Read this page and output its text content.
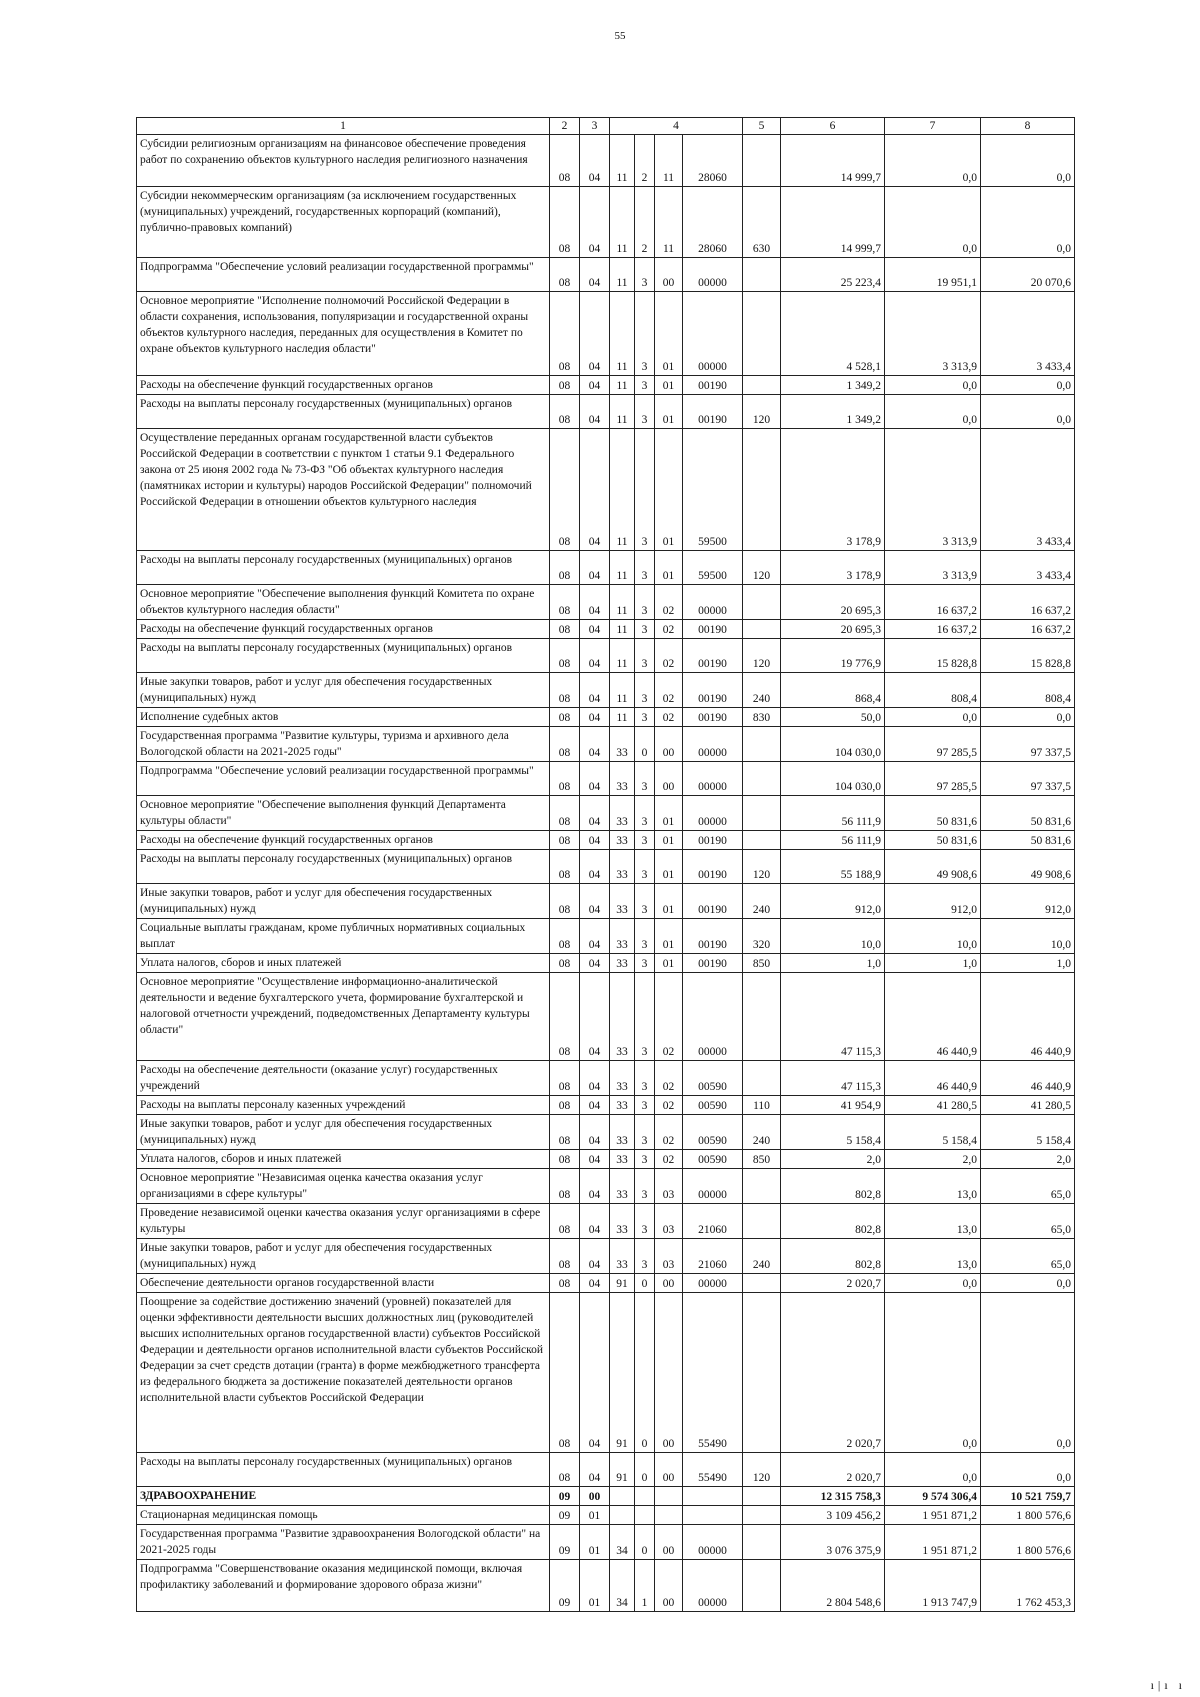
55
1	2	3	4				5	6	7	8
Субсидии религиозным организациям на финансовое обеспечение проведения работ по сохранению объектов культурного наследия религиозного назначения	08	04	11	2	11	28060		14 999,7	0,0	0,0
Субсидии некоммерческим организациям (за исключением государственных (муниципальных) учреждений, государственных корпораций (компаний), публично-правовых компаний)	08	04	11	2	11	28060	630	14 999,7	0,0	0,0
Подпрограмма "Обеспечение условий реализации государственной программы"	08	04	11	3	00	00000		25 223,4	19 951,1	20 070,6
Основное мероприятие "Исполнение полномочий Российской Федерации в области сохранения, использования, популяризации и государственной охраны объектов культурного наследия, переданных для осуществления в Комитет по охране объектов культурного наследия области"	08	04	11	3	01	00000		4 528,1	3 313,9	3 433,4
Расходы на обеспечение функций государственных органов	08	04	11	3	01	00190		1 349,2	0,0	0,0
Расходы на выплаты персоналу государственных (муниципальных) органов	08	04	11	3	01	00190	120	1 349,2	0,0	0,0
Осуществление переданных органам государственной власти субъектов Российской Федерации в соответствии с пунктом 1 статьи 9.1 Федерального закона от 25 июня 2002 года № 73-ФЗ "Об объектах культурного наследия (памятниках истории и культуры) народов Российской Федерации" полномочий Российской Федерации в отношении объектов культурного наследия	08	04	11	3	01	59500		3 178,9	3 313,9	3 433,4
Расходы на выплаты персоналу государственных (муниципальных) органов	08	04	11	3	01	59500	120	3 178,9	3 313,9	3 433,4
Основное мероприятие "Обеспечение выполнения функций Комитета по охране объектов культурного наследия области"	08	04	11	3	02	00000		20 695,3	16 637,2	16 637,2
Расходы на обеспечение функций государственных органов	08	04	11	3	02	00190		20 695,3	16 637,2	16 637,2
Расходы на выплаты персоналу государственных (муниципальных) органов	08	04	11	3	02	00190	120	19 776,9	15 828,8	15 828,8
Иные закупки товаров, работ и услуг для обеспечения государственных (муниципальных) нужд	08	04	11	3	02	00190	240	868,4	808,4	808,4
Исполнение судебных актов	08	04	11	3	02	00190	830	50,0	0,0	0,0
Государственная программа "Развитие культуры, туризма и архивного дела Вологодской области на 2021-2025 годы"	08	04	33	0	00	00000		104 030,0	97 285,5	97 337,5
Подпрограмма "Обеспечение условий реализации государственной программы"	08	04	33	3	00	00000		104 030,0	97 285,5	97 337,5
Основное мероприятие "Обеспечение выполнения функций Департамента культуры области"	08	04	33	3	01	00000		56 111,9	50 831,6	50 831,6
Расходы на обеспечение функций государственных органов	08	04	33	3	01	00190		56 111,9	50 831,6	50 831,6
Расходы на выплаты персоналу государственных (муниципальных) органов	08	04	33	3	01	00190	120	55 188,9	49 908,6	49 908,6
Иные закупки товаров, работ и услуг для обеспечения государственных (муниципальных) нужд	08	04	33	3	01	00190	240	912,0	912,0	912,0
Социальные выплаты гражданам, кроме публичных нормативных социальных выплат	08	04	33	3	01	00190	320	10,0	10,0	10,0
Уплата налогов, сборов и иных платежей	08	04	33	3	01	00190	850	1,0	1,0	1,0
Основное мероприятие "Осуществление информационно-аналитической деятельности и ведение бухгалтерского учета, формирование бухгалтерской и налоговой отчетности учреждений, подведомственных Департаменту культуры области"	08	04	33	3	02	00000		47 115,3	46 440,9	46 440,9
Расходы на обеспечение деятельности (оказание услуг) государственных учреждений	08	04	33	3	02	00590		47 115,3	46 440,9	46 440,9
Расходы на выплаты персоналу казенных учреждений	08	04	33	3	02	00590	110	41 954,9	41 280,5	41 280,5
Иные закупки товаров, работ и услуг для обеспечения государственных (муниципальных) нужд	08	04	33	3	02	00590	240	5 158,4	5 158,4	5 158,4
Уплата налогов, сборов и иных платежей	08	04	33	3	02	00590	850	2,0	2,0	2,0
Основное мероприятие "Независимая оценка качества оказания услуг организациями в сфере культуры"	08	04	33	3	03	00000		802,8	13,0	65,0
Проведение независимой оценки качества оказания услуг организациями в сфере культуры	08	04	33	3	03	21060		802,8	13,0	65,0
Иные закупки товаров, работ и услуг для обеспечения государственных (муниципальных) нужд	08	04	33	3	03	21060	240	802,8	13,0	65,0
Обеспечение деятельности органов государственной власти	08	04	91	0	00	00000		2 020,7	0,0	0,0
Поощрение за содействие достижению значений (уровней) показателей для оценки эффективности деятельности высших должностных лиц (руководителей высших исполнительных органов государственной власти) субъектов Российской Федерации и деятельности органов исполнительной власти субъектов Российской Федерации за счет средств дотации (гранта) в форме межбюджетного трансферта из федерального бюджета за достижение показателей деятельности органов исполнительной власти субъектов Российской Федерации	08	04	91	0	00	55490		2 020,7	0,0	0,0
Расходы на выплаты персоналу государственных (муниципальных) органов	08	04	91	0	00	55490	120	2 020,7	0,0	0,0
ЗДРАВООХРАНЕНИЕ	09	00						12 315 758,3	9 574 306,4	10 521 759,7
Стационарная медицинская помощь	09	01						3 109 456,2	1 951 871,2	1 800 576,6
Государственная программа "Развитие здравоохранения Вологодской области" на 2021-2025 годы	09	01	34	0	00	00000		3 076 375,9	1 951 871,2	1 800 576,6
Подпрограмма "Совершенствование оказания медицинской помощи, включая профилактику заболеваний и формирование здорового образа жизни"	09	01	34	1	00	00000		2 804 548,6	1 913 747,9	1 762 453,3
ı|ı ı
